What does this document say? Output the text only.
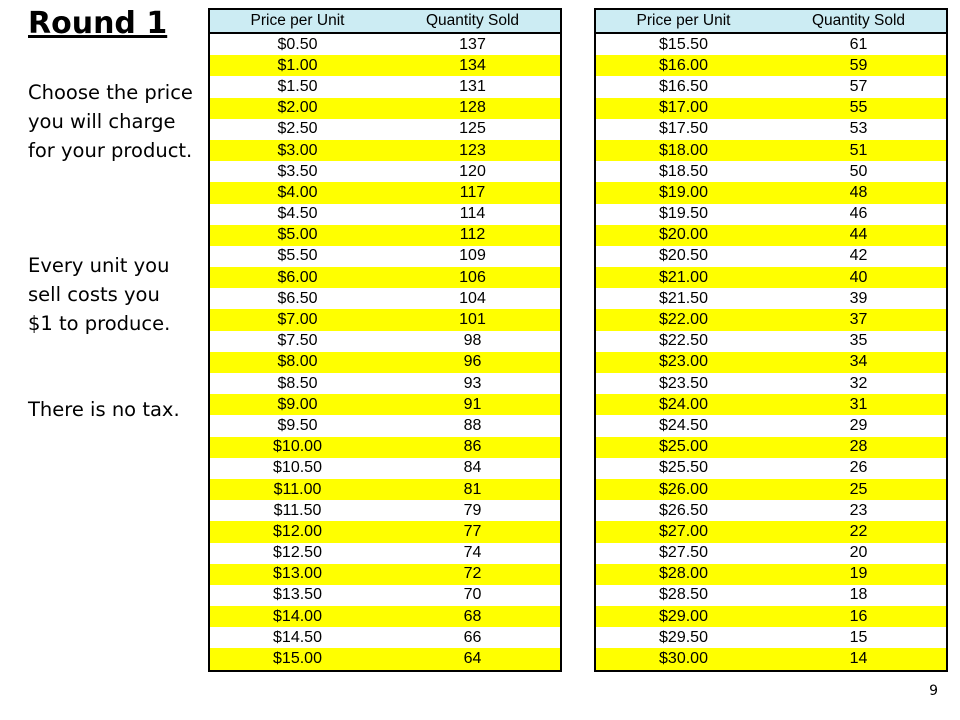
Round 1

Choose the price you will charge for your product.

Every unit you sell costs you $1 to produce.

There is no tax.

Price per Unit	Quantity Sold
$0.50	137
$1.00	134
$1.50	131
$2.00	128
$2.50	125
$3.00	123
$3.50	120
$4.00	117
$4.50	114
$5.00	112
$5.50	109
$6.00	106
$6.50	104
$7.00	101
$7.50	98
$8.00	96
$8.50	93
$9.00	91
$9.50	88
$10.00	86
$10.50	84
$11.00	81
$11.50	79
$12.00	77
$12.50	74
$13.00	72
$13.50	70
$14.00	68
$14.50	66
$15.00	64
Price per Unit	Quantity Sold
$15.50	61
$16.00	59
$16.50	57
$17.00	55
$17.50	53
$18.00	51
$18.50	50
$19.00	48
$19.50	46
$20.00	44
$20.50	42
$21.00	40
$21.50	39
$22.00	37
$22.50	35
$23.00	34
$23.50	32
$24.00	31
$24.50	29
$25.00	28
$25.50	26
$26.00	25
$26.50	23
$27.00	22
$27.50	20
$28.00	19
$28.50	18
$29.00	16
$29.50	15
$30.00	14
9
